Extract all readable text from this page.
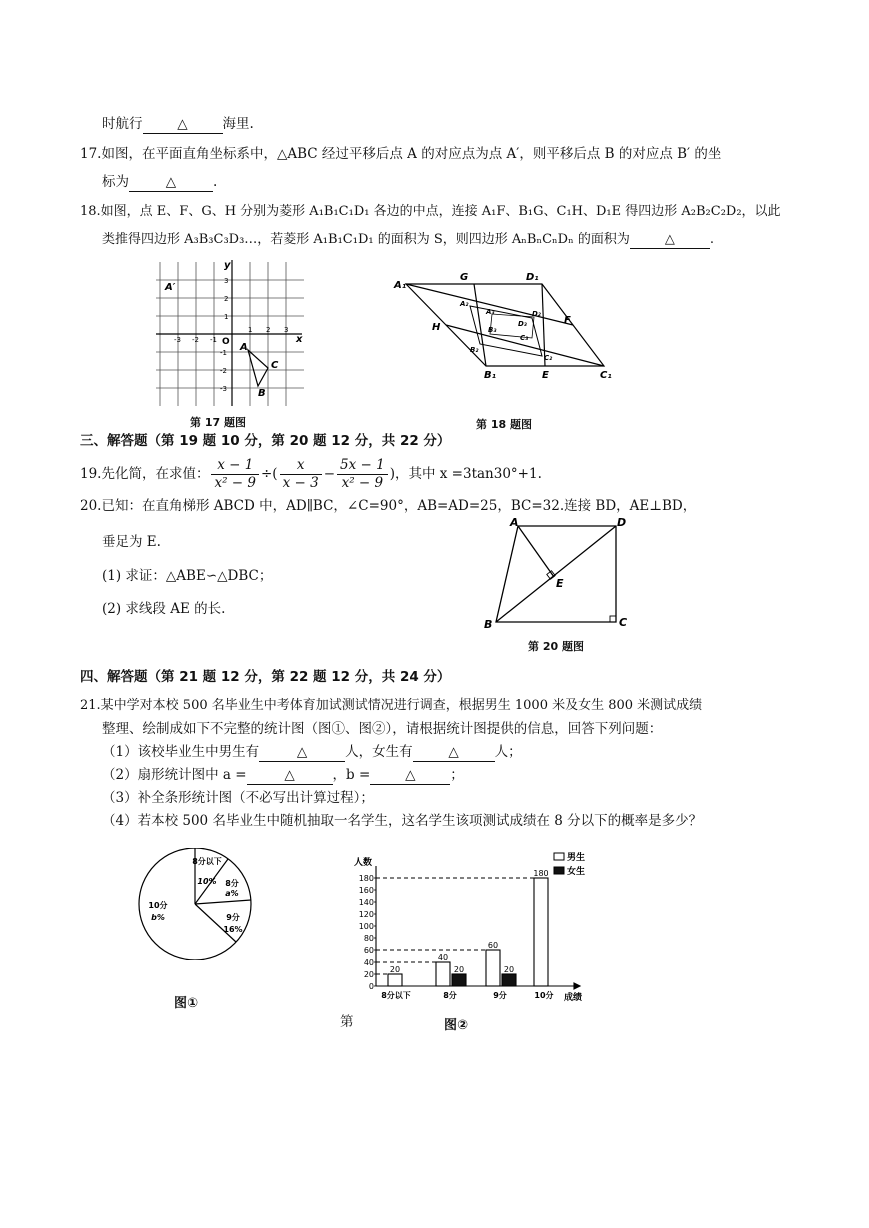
时航行	△	海里.
17.如图，在平面直角坐标系中，△ABC 经过平移后点 A 的对应点为点 A′，则平移后点 B 的对应点 B′ 的坐
标为	△	.
18.如图，点 E、F、G、H 分别为菱形 A₁B₁C₁D₁ 各边的中点，连接 A₁F、B₁G、C₁H、D₁E 得四边形 A₂B₂C₂D₂，以此
类推得四边形 A₃B₃C₃D₃…，若菱形 A₁B₁C₁D₁ 的面积为 S，则四边形 AₙBₙCₙDₙ 的面积为	△	.
y
x
O
A′
A
B
C
-3 -2 -1
1 2 3
3
2
1
-1
-2
-3
第 17 题图
A₁
G	D₁
F
H
B₁	E	C₁
A₂
D₂
B₂
C₂
A₃
D₃
B₃
C₃
第 18 题图
三、解答题（第 19 题 10 分，第 20 题 12 分，共 22 分）
19.先化简，在求值： $\frac{x - 1}{\text{x² − 9}}$ ÷( $\frac{x}{x - 3} - \frac{5x - 1}{\text{x² − 9}}$ )，其中 x =3tan30°+1.
20.已知：在直角梯形 ABCD 中，AD∥BC，∠C=90°，AB=AD=25，BC=32.连接 BD，AE⊥BD，
垂足为 E.
(1) 求证：△ABE∽△DBC；
(2) 求线段 AE 的长.
A	D
E
B	C
第 20 题图
四、解答题（第 21 题 12 分，第 22 题 12 分，共 24 分）
21.某中学对本校 500 名毕业生中考体育加试测试情况进行调查，根据男生 1000 米及女生 800 米测试成绩
整理、绘制成如下不完整的统计图（图①、图②），请根据统计图提供的信息，回答下列问题：
（1）该校毕业生中男生有	△	人，女生有	△	人；
（2）扇形统计图中 a =	△	，b =	△	；
（3）补全条形统计图（不必写出计算过程）；
（4）若本校 500 名毕业生中随机抽取一名学生，这名学生该项测试成绩在 8 分以下的概率是多少？
8分以下
10% 8分
a%
9分
16%
10分
b%
图①
第
0
20
40
60
80
100
120
140
160
180
20
40
60
180
20	20
8分以下	8分	9分	10分
人数
成绩
男生
女生
图②
